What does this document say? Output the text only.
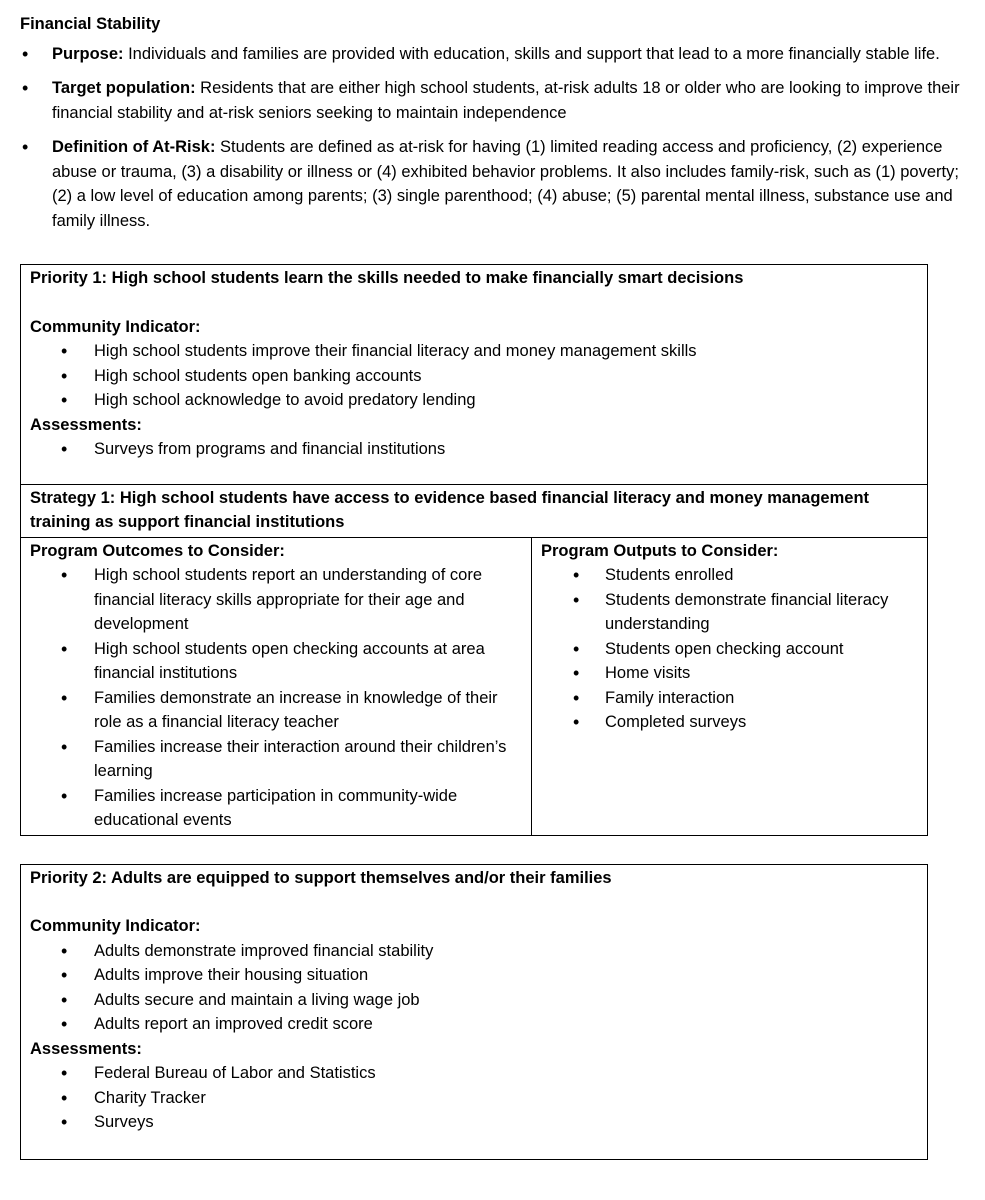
Financial Stability
• Purpose: Individuals and families are provided with education, skills and support that lead to a more financially stable life.
• Target population: Residents that are either high school students, at-risk adults 18 or older who are looking to improve their financial stability and at-risk seniors seeking to maintain independence
• Definition of At-Risk: Students are defined as at-risk for having (1) limited reading access and proficiency, (2) experience abuse or trauma, (3) a disability or illness or (4) exhibited behavior problems. It also includes family-risk, such as (1) poverty; (2) a low level of education among parents; (3) single parenthood; (4) abuse; (5) parental mental illness, substance use and family illness.
Priority 1: High school students learn the skills needed to make financially smart decisions
Community Indicator:
• High school students improve their financial literacy and money management skills
• High school students open banking accounts
• High school acknowledge to avoid predatory lending
Assessments:
• Surveys from programs and financial institutions
Strategy 1: High school students have access to evidence based financial literacy and money management training as support financial institutions
Program Outcomes to Consider:
• High school students report an understanding of core financial literacy skills appropriate for their age and development
• High school students open checking accounts at area financial institutions
• Families demonstrate an increase in knowledge of their role as a financial literacy teacher
• Families increase their interaction around their children’s learning
• Families increase participation in community-wide educational events
Program Outputs to Consider:
• Students enrolled
• Students demonstrate financial literacy understanding
• Students open checking account
• Home visits
• Family interaction
• Completed surveys
Priority 2: Adults are equipped to support themselves and/or their families
Community Indicator:
• Adults demonstrate improved financial stability
• Adults improve their housing situation
• Adults secure and maintain a living wage job
• Adults report an improved credit score
Assessments:
• Federal Bureau of Labor and Statistics
• Charity Tracker
• Surveys
